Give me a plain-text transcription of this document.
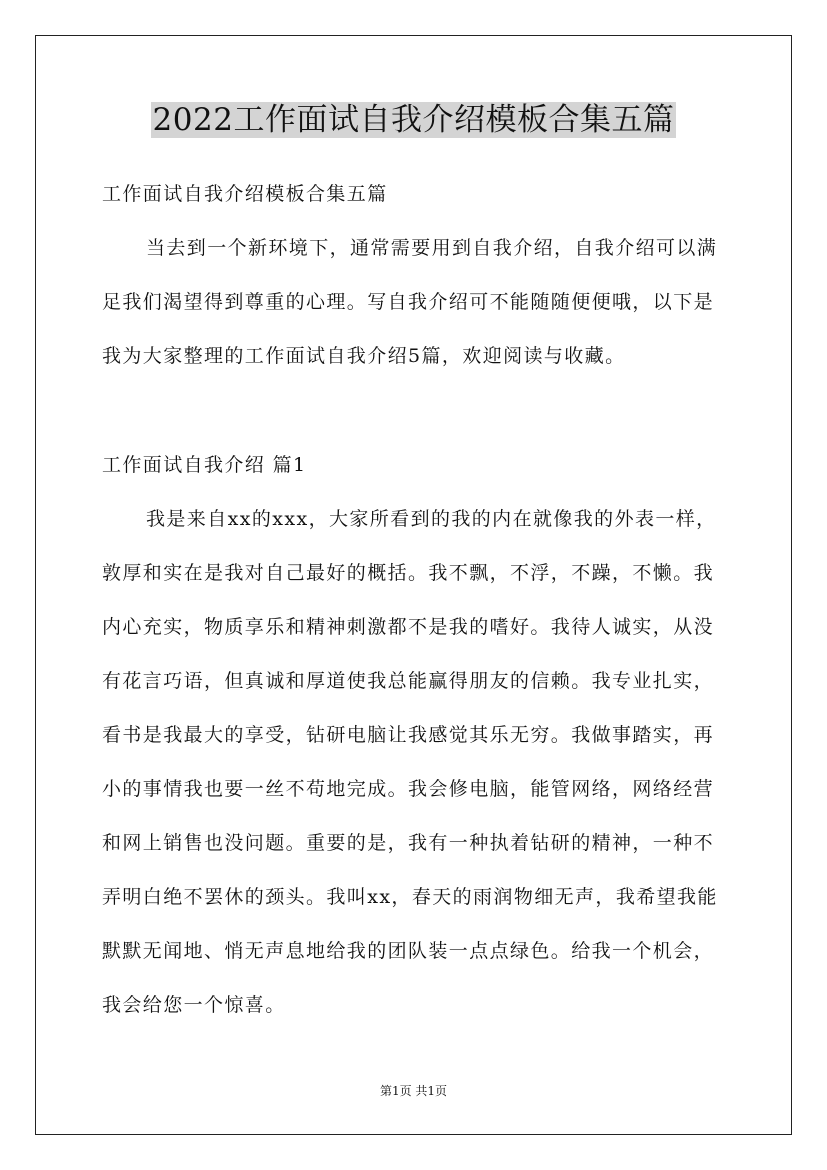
2022工作面试自我介绍模板合集五篇
工作面试自我介绍模板合集五篇
当去到一个新环境下，通常需要用到自我介绍，自我介绍可以满
足我们渴望得到尊重的心理。写自我介绍可不能随随便便哦，以下是
我为大家整理的工作面试自我介绍5篇，欢迎阅读与收藏。
工作面试自我介绍 篇1
我是来自xx的xxx，大家所看到的我的内在就像我的外表一样，
敦厚和实在是我对自己最好的概括。我不飘，不浮，不躁，不懒。我
内心充实，物质享乐和精神刺激都不是我的嗜好。我待人诚实，从没
有花言巧语，但真诚和厚道使我总能赢得朋友的信赖。我专业扎实，
看书是我最大的享受，钻研电脑让我感觉其乐无穷。我做事踏实，再
小的事情我也要一丝不苟地完成。我会修电脑，能管网络，网络经营
和网上销售也没问题。重要的是，我有一种执着钻研的精神，一种不
弄明白绝不罢休的颈头。我叫xx，春天的雨润物细无声，我希望我能
默默无闻地、悄无声息地给我的团队装一点点绿色。给我一个机会，
我会给您一个惊喜。
第1页 共1页
